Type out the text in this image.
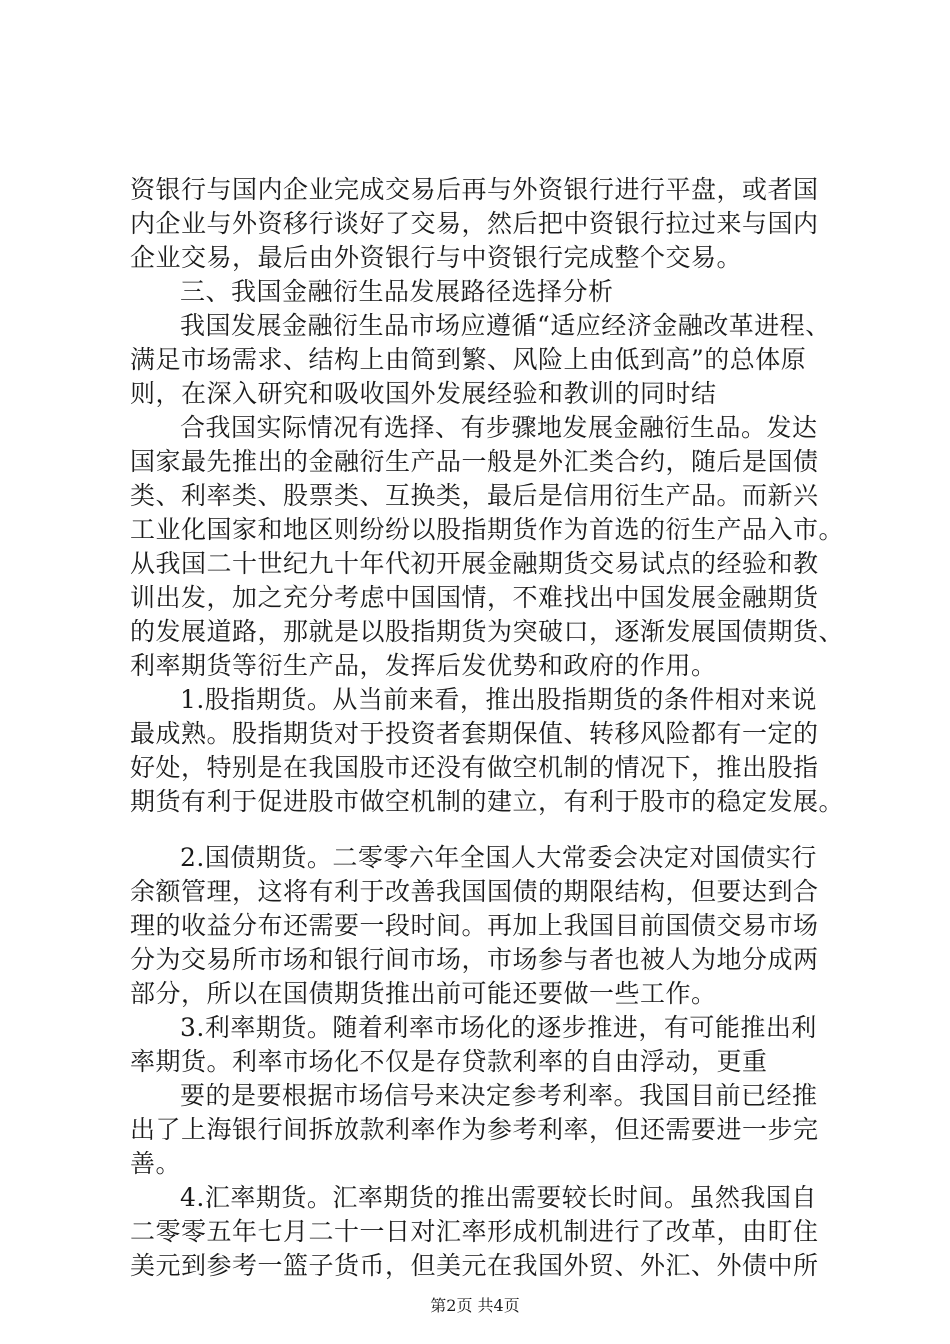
资银行与国内企业完成交易后再与外资银行进行平盘，或者国
内企业与外资移行谈好了交易，然后把中资银行拉过来与国内
企业交易，最后由外资银行与中资银行完成整个交易。
三、我国金融衍生品发展路径选择分析
我国发展金融衍生品市场应遵循“适应经济金融改革进程、
满足市场需求、结构上由简到繁、风险上由低到高”的总体原
则，在深入研究和吸收国外发展经验和教训的同时结
合我国实际情况有选择、有步骤地发展金融衍生品。发达
国家最先推出的金融衍生产品一般是外汇类合约，随后是国债
类、利率类、股票类、互换类，最后是信用衍生产品。而新兴
工业化国家和地区则纷纷以股指期货作为首选的衍生产品入市。
从我国二十世纪九十年代初开展金融期货交易试点的经验和教
训出发，加之充分考虑中国国情，不难找出中国发展金融期货
的发展道路，那就是以股指期货为突破口，逐渐发展国债期货、
利率期货等衍生产品，发挥后发优势和政府的作用。
1.股指期货。从当前来看，推出股指期货的条件相对来说
最成熟。股指期货对于投资者套期保值、转移风险都有一定的
好处，特别是在我国股市还没有做空机制的情况下，推出股指
期货有利于促进股市做空机制的建立，有利于股市的稳定发展。
2.国债期货。二零零六年全国人大常委会决定对国债实行
余额管理，这将有利于改善我国国债的期限结构，但要达到合
理的收益分布还需要一段时间。再加上我国目前国债交易市场
分为交易所市场和银行间市场，市场参与者也被人为地分成两
部分，所以在国债期货推出前可能还要做一些工作。
3.利率期货。随着利率市场化的逐步推进，有可能推出利
率期货。利率市场化不仅是存贷款利率的自由浮动，更重
要的是要根据市场信号来决定参考利率。我国目前已经推
出了上海银行间拆放款利率作为参考利率，但还需要进一步完
善。
4.汇率期货。汇率期货的推出需要较长时间。虽然我国自
二零零五年七月二十一日对汇率形成机制进行了改革，由盯住
美元到参考一篮子货币，但美元在我国外贸、外汇、外债中所
第2页 共4页
